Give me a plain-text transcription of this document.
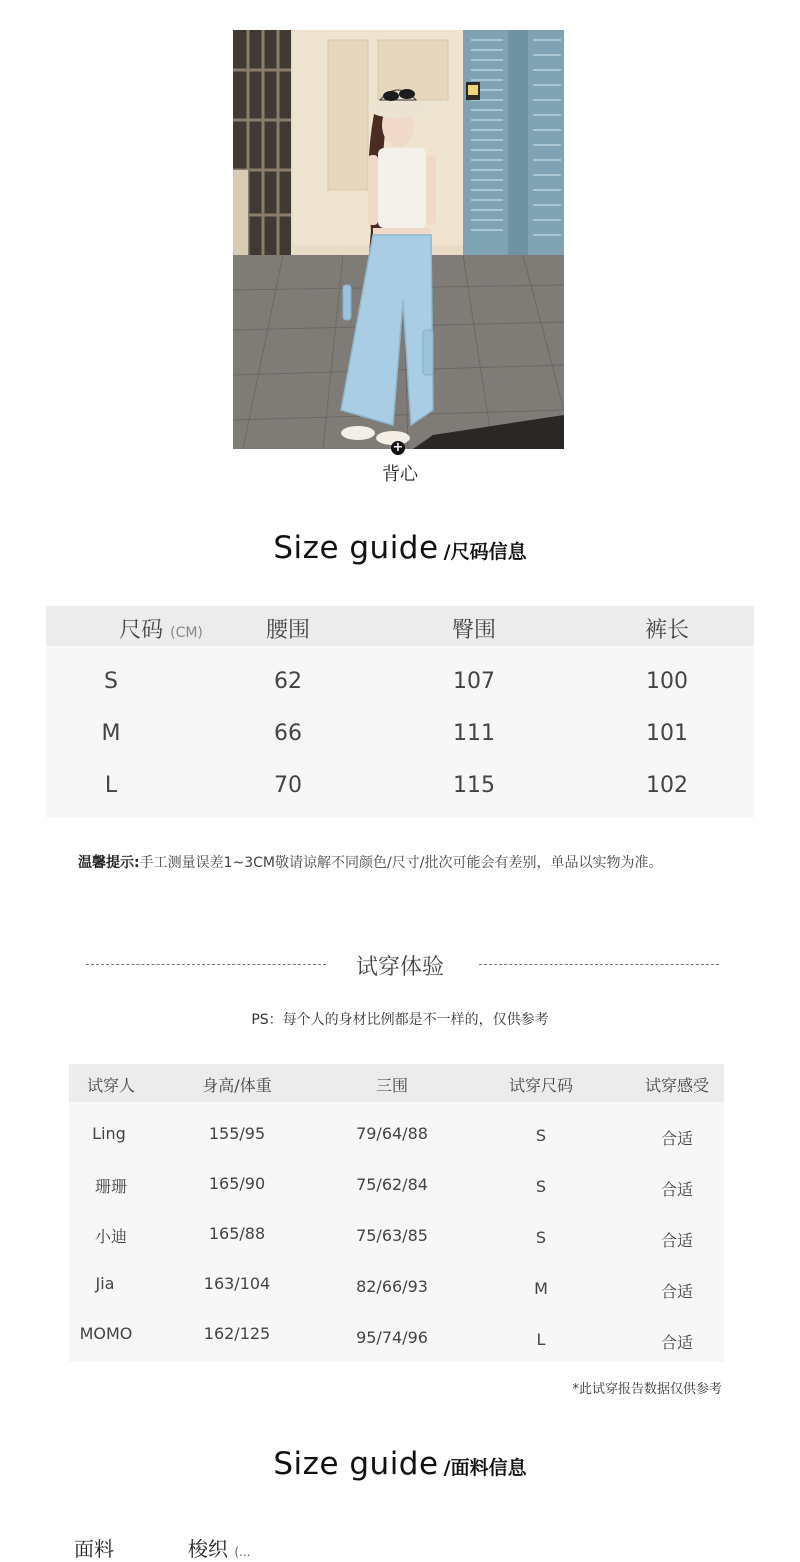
+
背心
Size guide /尺码信息
尺码 (CM)	腰围	臀围	裤长
S	62	107	100
M	66	111	101
L	70	115	102
温馨提示:手工测量误差1~3CM敬请谅解不同颜色/尺寸/批次可能会有差别，单品以实物为准。
试穿体验
PS：每个人的身材比例都是不一样的，仅供参考
试穿人	身高/体重	三围	试穿尺码	试穿感受
Ling	155/95	79/64/88	S	合适
珊珊	165/90	75/62/84	S	合适
小迪	165/88	75/63/85	S	合适
Jia	163/104	82/66/93	M	合适
MOMO	162/125	95/74/96	L	合适
*此试穿报告数据仅供参考
Size guide /面料信息
面料	梭织 (...
